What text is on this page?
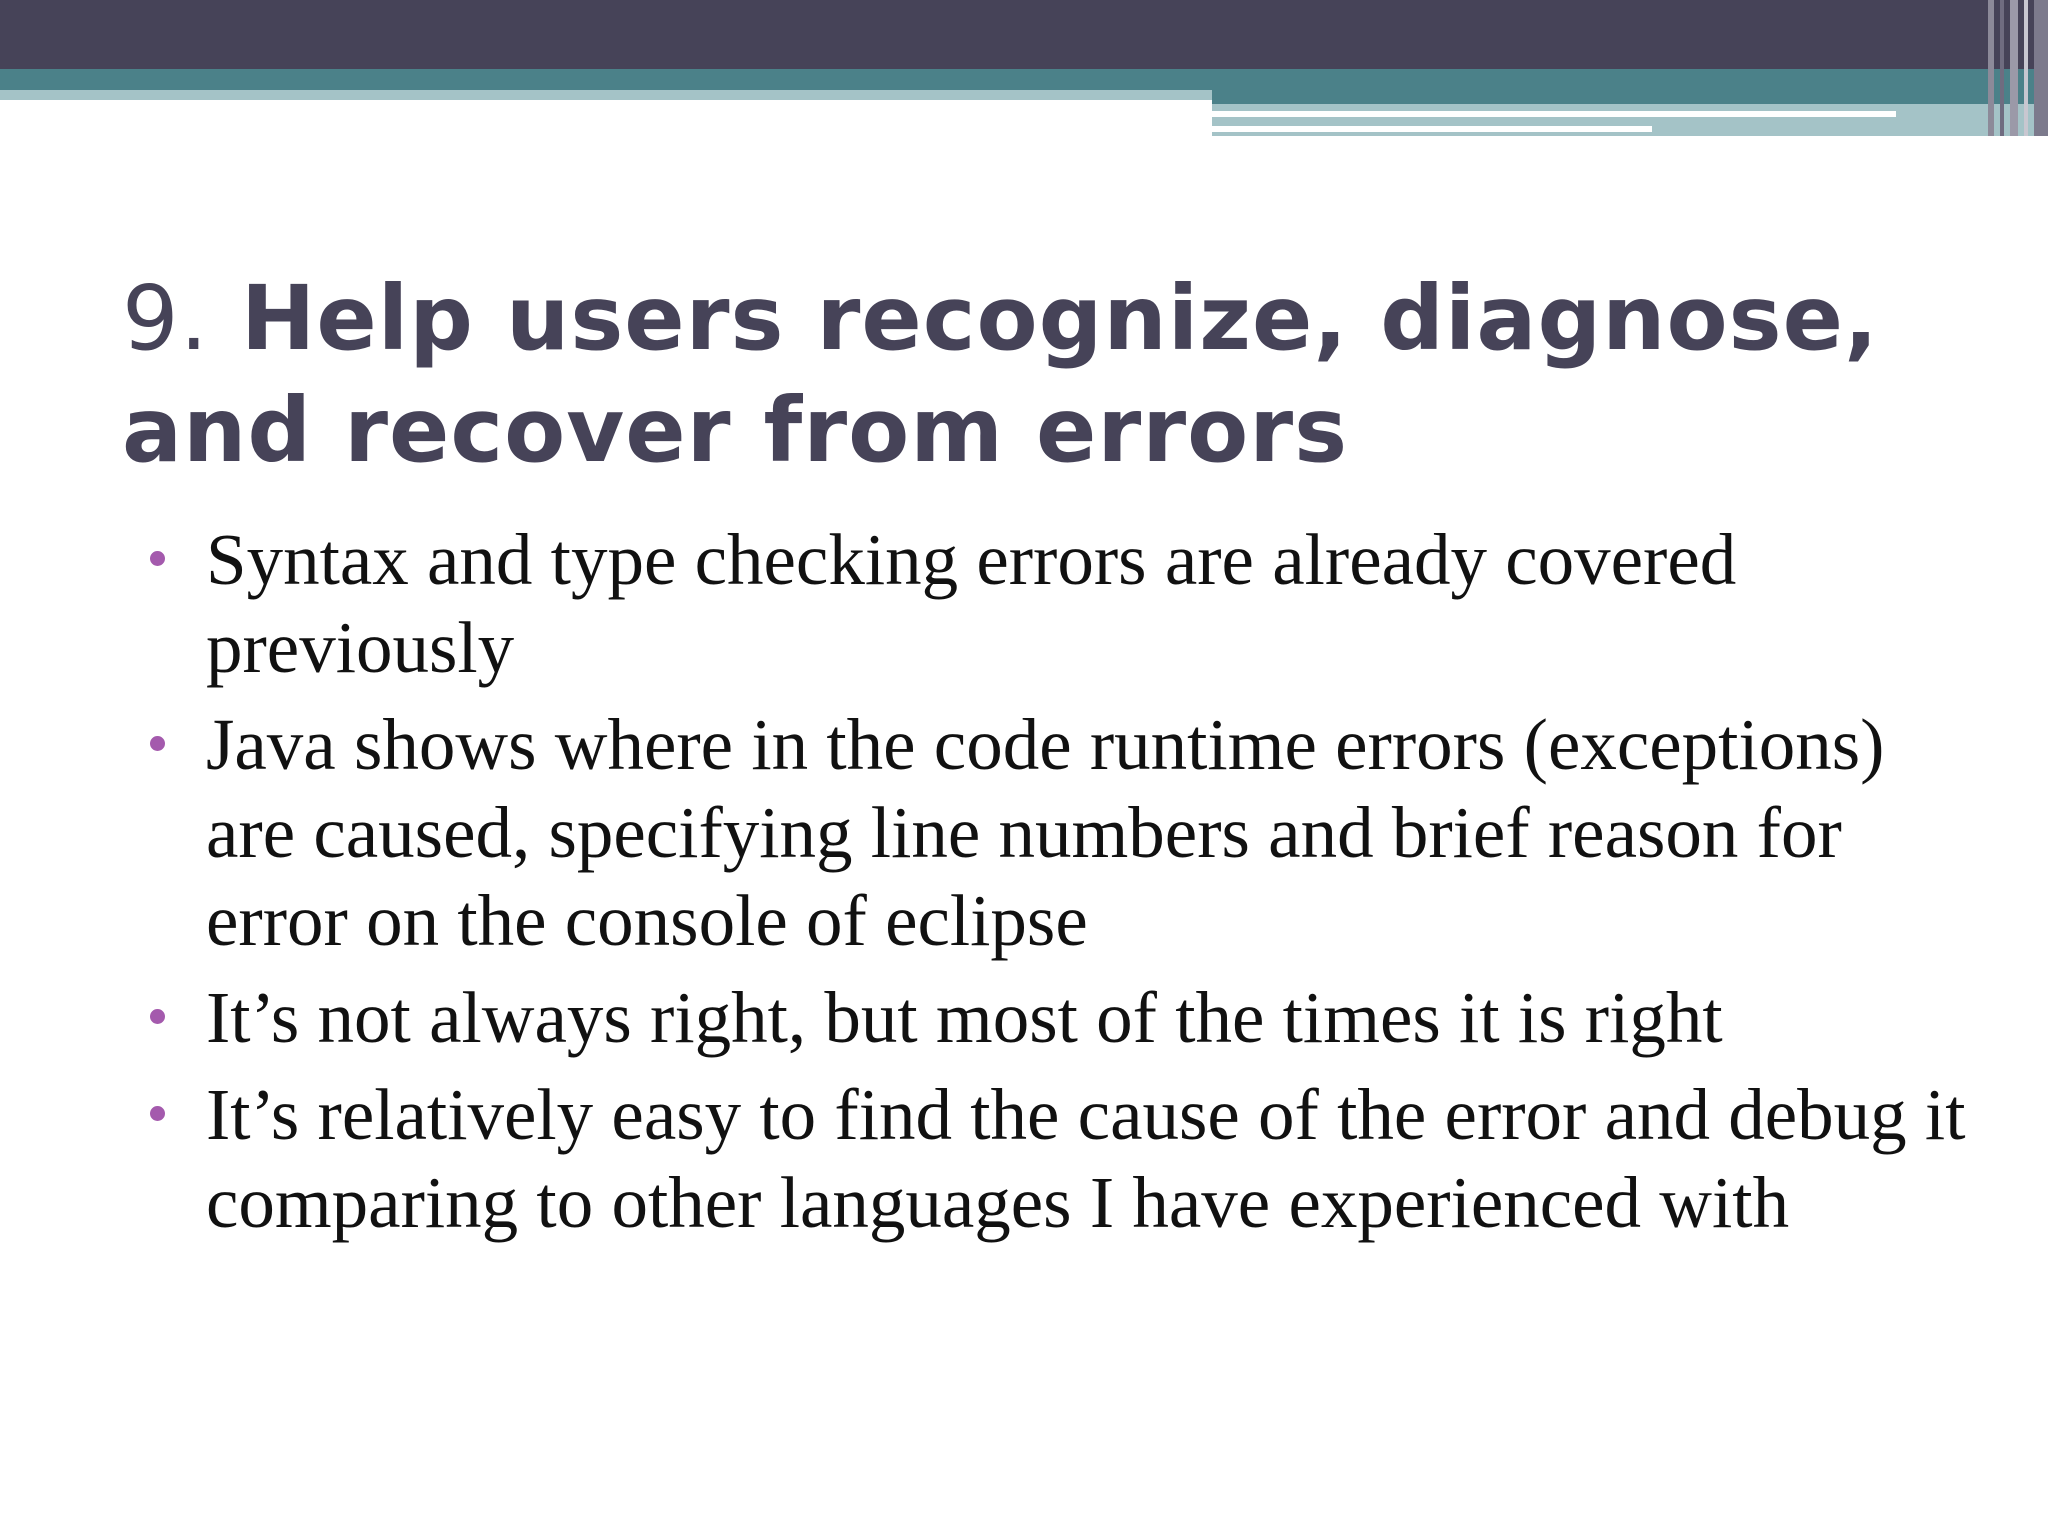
9. Help users recognize, diagnose, and recover from errors
Syntax and type checking errors are already covered previously
Java shows where in the code runtime errors (exceptions) are caused, specifying line numbers and brief reason for error on the console of eclipse
It’s not always right, but most of the times it is right
It’s relatively easy to find the cause of the error and debug it comparing to other languages I have experienced with
